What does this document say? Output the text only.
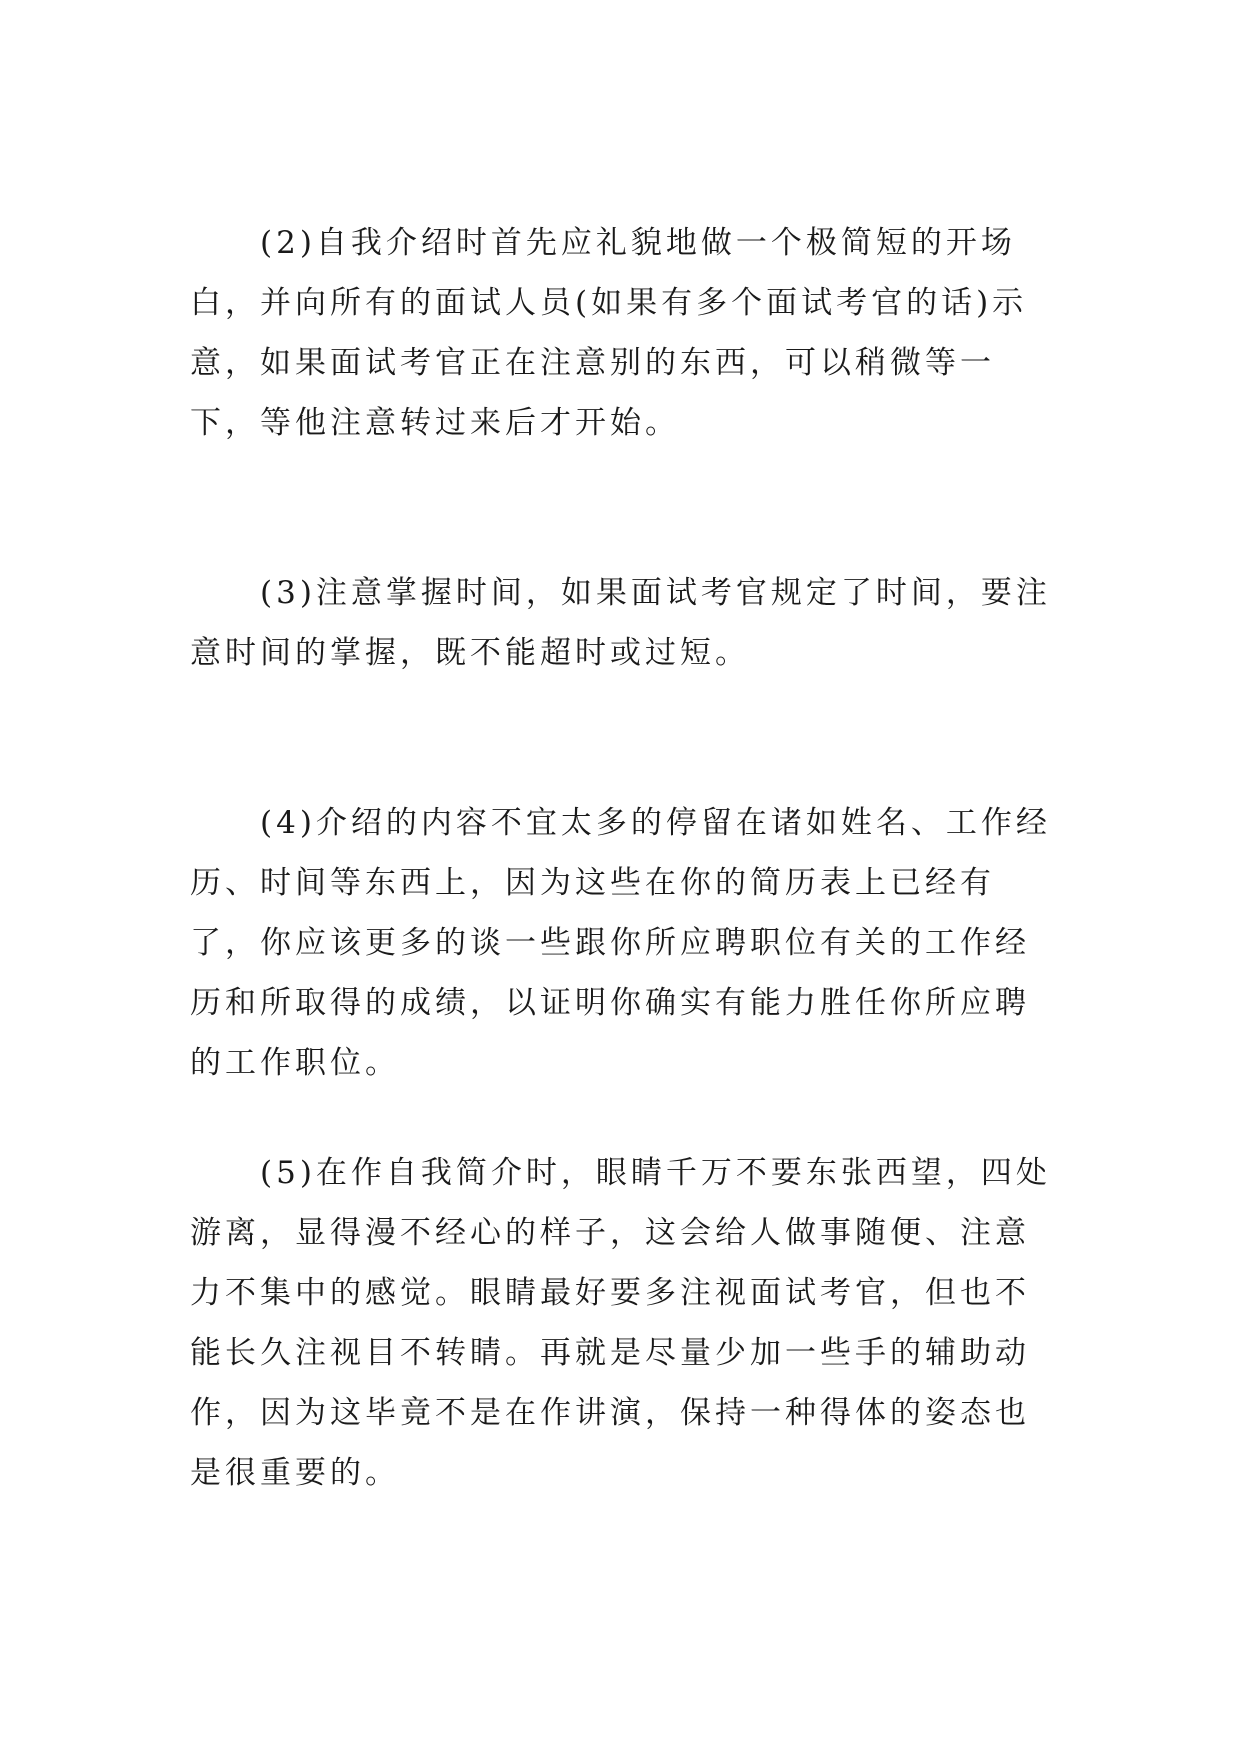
(2)自我介绍时首先应礼貌地做一个极简短的开场白，并向所有的面试人员(如果有多个面试考官的话)示意，如果面试考官正在注意别的东西，可以稍微等一下，等他注意转过来后才开始。

(3)注意掌握时间，如果面试考官规定了时间，要注意时间的掌握，既不能超时或过短。

(4)介绍的内容不宜太多的停留在诸如姓名、工作经历、时间等东西上，因为这些在你的简历表上已经有了，你应该更多的谈一些跟你所应聘职位有关的工作经历和所取得的成绩，以证明你确实有能力胜任你所应聘的工作职位。

(5)在作自我简介时，眼睛千万不要东张西望，四处游离，显得漫不经心的样子，这会给人做事随便、注意力不集中的感觉。眼睛最好要多注视面试考官，但也不能长久注视目不转睛。再就是尽量少加一些手的辅助动作，因为这毕竟不是在作讲演，保持一种得体的姿态也是很重要的。
